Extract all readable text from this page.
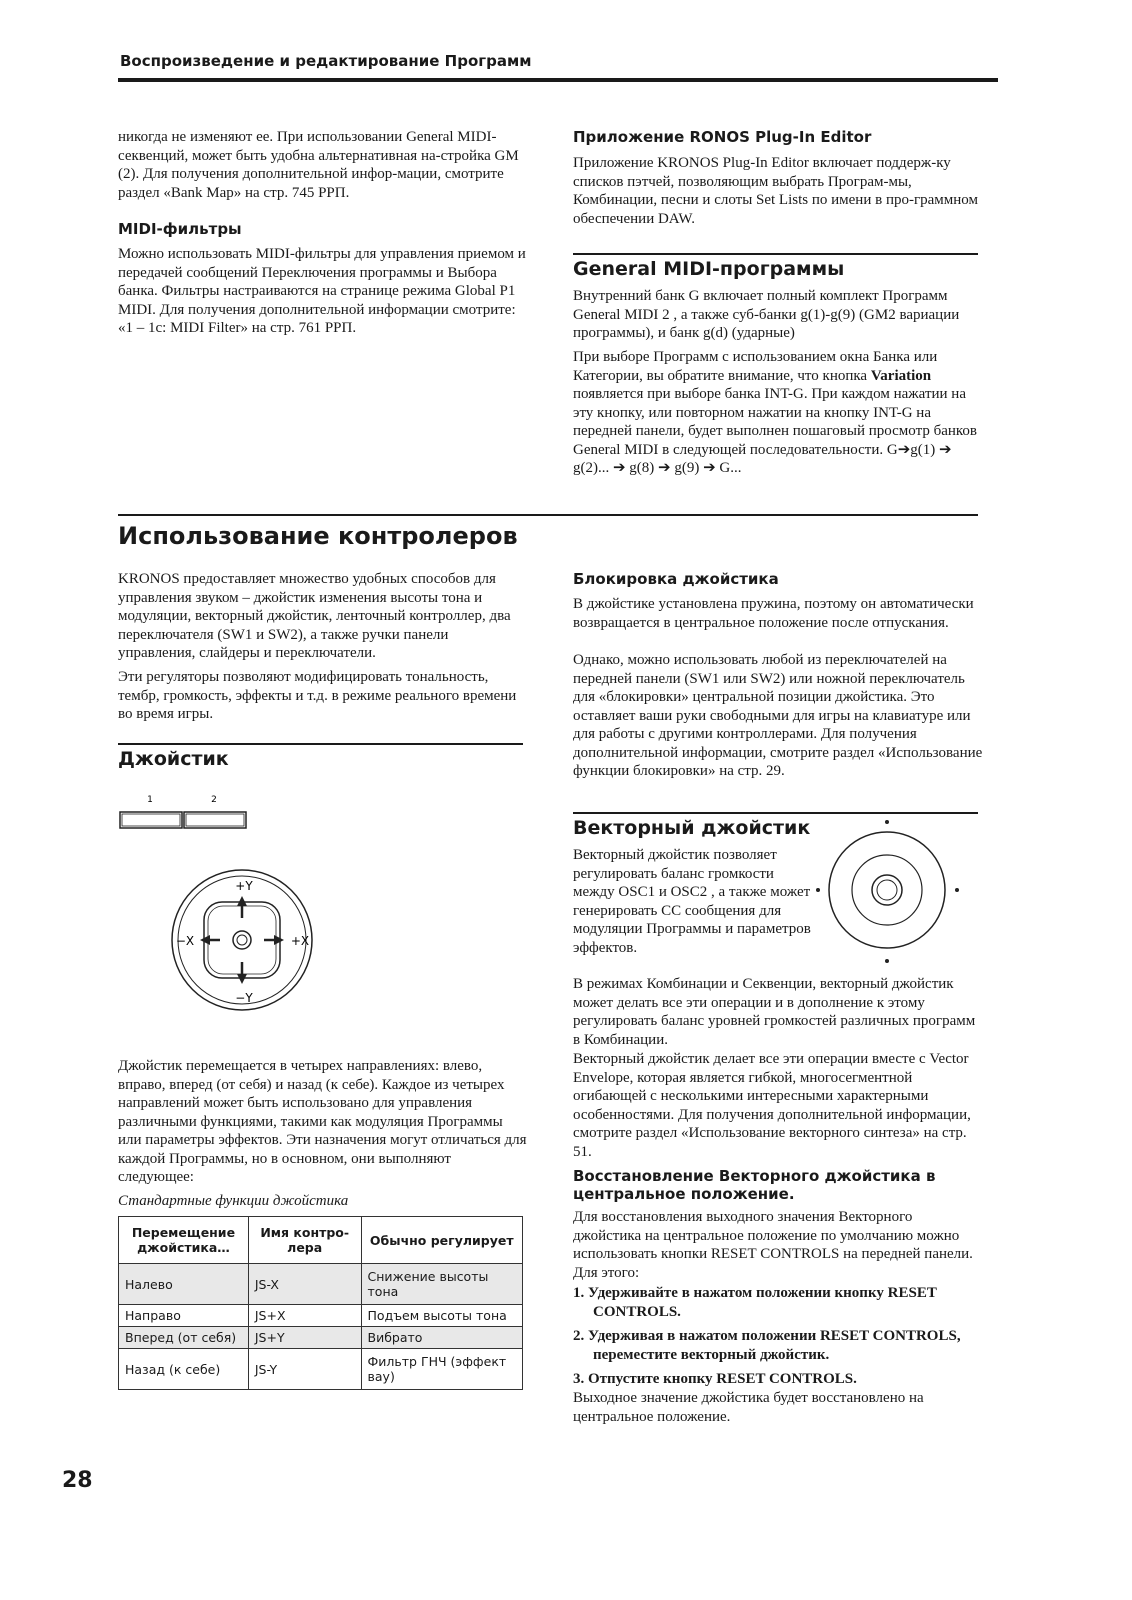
Воспроизведение и редактирование Программ

никогда не изменяют ее. При использовании General MIDI-секвенций, может быть удобна альтернативная на-стройка GM (2). Для получения дополнительной инфор-мации, смотрите раздел «Bank Map» на стр. 745 РРП.

MIDI-фильтры

Можно использовать MIDI-фильтры для управления приемом и передачей сообщений Переключения программы и Выбора банка. Фильтры настраиваются на странице режима Global P1 MIDI. Для получения дополнительной информации смотрите: «1 – 1c: MIDI Filter» на стр. 761 РРП.

Приложение RONOS Plug-In Editor

Приложение KRONOS Plug-In Editor включает поддерж-ку списков пэтчей, позволяющим выбрать Програм-мы, Комбинации, песни и слоты Set Lists по имени в про-граммном обеспечении DAW.

General MIDI-программы

Внутренний банк G включает полный комплект Программ General MIDI 2 , а также суб-банки g(1)-g(9) (GM2 вариации программы), и банк g(d) (ударные)

При выборе Программ с использованием окна Банка или Категории, вы обратите внимание, что кнопка Variation появляется при выборе банка INT-G. При каждом нажатии на эту кнопку, или повторном нажатии на кнопку INT-G на передней панели, будет выполнен пошаговый просмотр банков General MIDI в следующей последовательности. G➔g(1) ➔ g(2)... ➔ g(8) ➔ g(9) ➔ G...

Использование контролеров

KRONOS предоставляет множество удобных способов для управления звуком – джойстик изменения высоты тона и модуляции, векторный джойстик, ленточный контроллер, два переключателя (SW1 и SW2), а также ручки панели управления, слайдеры и переключатели.

Эти регуляторы позволяют модифицировать тональность, тембр, громкость, эффекты и т.д. в режиме реального времени во время игры.

Джойстик
1	2
+Y
−Y
−X	+X

Джойстик перемещается в четырех направлениях: влево, вправо, вперед (от себя) и назад (к себе). Каждое из четырех направлений может быть использовано для управления различными функциями, такими как модуляция Программы или параметры эффектов. Эти назначения могут отличаться для каждой Программы, но в основном, они выполняют следующее:

Стандартные функции джойстика
Перемещение джойстика…	Имя контро-лера	Обычно регулирует
Налево	JS-X	Снижение высоты тона
Направо	JS+X	Подъем высоты тона
Вперед (от себя)	JS+Y	Вибрато
Назад (к себе)	JS-Y	Фильтр ГНЧ (эффект вау)
Блокировка джойстика

В джойстике установлена пружина, поэтому он автоматически возвращается в центральное положение после отпускания.

Однако, можно использовать любой из переключателей на передней панели (SW1 или SW2) или ножной переключатель для «блокировки» центральной позиции джойстика. Это оставляет ваши руки свободными для игры на клавиатуре или для работы с другими контроллерами. Для получения дополнительной информации, смотрите раздел «Использование функции блокировки» на стр. 29.

Векторный джойстик

Векторный джойстик позволяет регулировать баланс громкости между OSC1 и OSC2 , а также может генерировать CC сообщения для модуляции Программы и параметров эффектов.

В режимах Комбинации и Секвенции, векторный джойстик может делать все эти операции и в дополнение к этому регулировать баланс уровней громкостей различных программ в Комбинации.

Векторный джойстик делает все эти операции вместе с Vector Envelope, которая является гибкой, многосегментной огибающей с несколькими интересными характерными особенностями. Для получения дополнительной информации, смотрите раздел «Использование векторного синтеза» на стр. 51.

Восстановление Векторного джойстика в центральное положение.

Для восстановления выходного значения Векторного джойстика на центральное положение по умолчанию можно использовать кнопки RESET CONTROLS на передней панели. Для этого:

1. Удерживайте в нажатом положении кнопку RESET CONTROLS.
2. Удерживая в нажатом положении RESET CONTROLS, переместите векторный джойстик.
3. Отпустите кнопку RESET CONTROLS.

Выходное значение джойстика будет восстановлено на центральное положение.

28
